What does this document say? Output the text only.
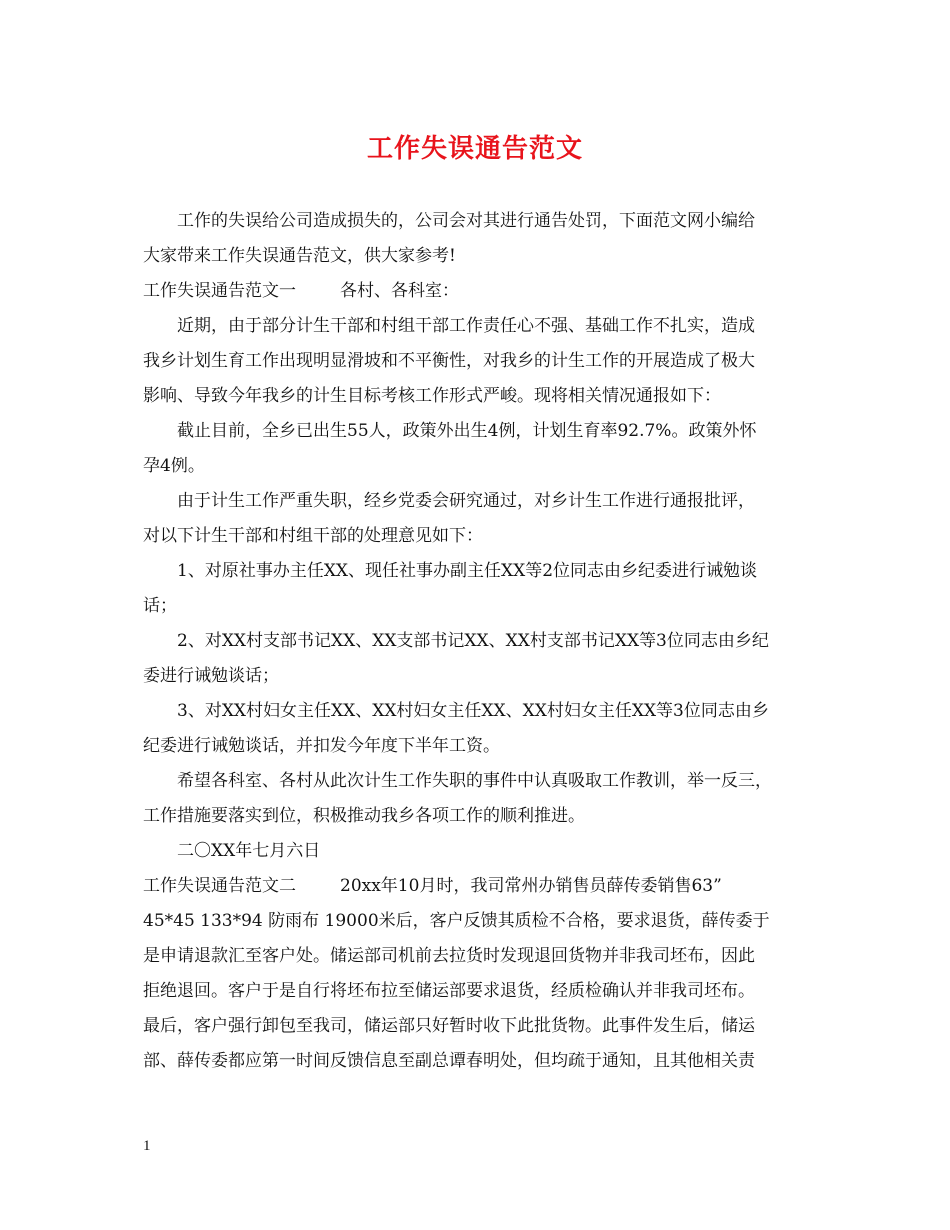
工作失误通告范文
工作的失误给公司造成损失的，公司会对其进行通告处罚，下面范文网小编给
大家带来工作失误通告范文，供大家参考!
工作失误通告范文一	各村、各科室：
近期，由于部分计生干部和村组干部工作责任心不强、基础工作不扎实，造成
我乡计划生育工作出现明显滑坡和不平衡性，对我乡的计生工作的开展造成了极大
影响、导致今年我乡的计生目标考核工作形式严峻。现将相关情况通报如下：
截止目前，全乡已出生55人，政策外出生4例，计划生育率92.7%。政策外怀
孕4例。
由于计生工作严重失职，经乡党委会研究通过，对乡计生工作进行通报批评，
对以下计生干部和村组干部的处理意见如下：
1、对原社事办主任XX、现任社事办副主任XX等2位同志由乡纪委进行诫勉谈
话；
2、对XX村支部书记XX、XX支部书记XX、XX村支部书记XX等3位同志由乡纪
委进行诫勉谈话；
3、对XX村妇女主任XX、XX村妇女主任XX、XX村妇女主任XX等3位同志由乡
纪委进行诫勉谈话，并扣发今年度下半年工资。
希望各科室、各村从此次计生工作失职的事件中认真吸取工作教训，举一反三，
工作措施要落实到位，积极推动我乡各项工作的顺利推进。
二〇XX年七月六日
工作失误通告范文二	20xx年10月时，我司常州办销售员薛传委销售63”
45*45 133*94 防雨布 19000米后，客户反馈其质检不合格，要求退货，薛传委于
是申请退款汇至客户处。储运部司机前去拉货时发现退回货物并非我司坯布，因此
拒绝退回。客户于是自行将坯布拉至储运部要求退货，经质检确认并非我司坯布。
最后，客户强行卸包至我司，储运部只好暂时收下此批货物。此事件发生后，储运
部、薛传委都应第一时间反馈信息至副总谭春明处，但均疏于通知，且其他相关责
1
